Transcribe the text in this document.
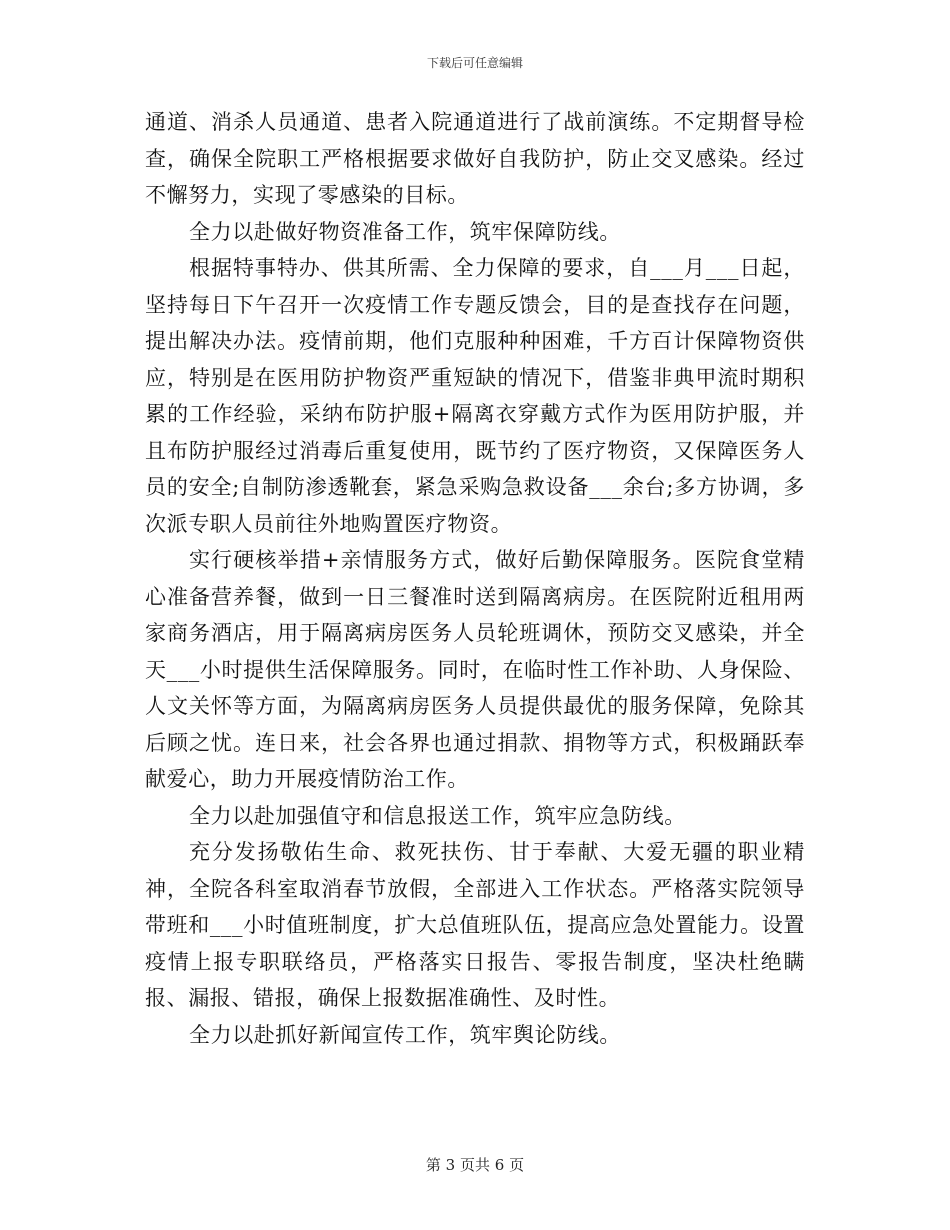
下载后可任意编辑

通道、消杀人员通道、患者入院通道进行了战前演练。不定期督导检查，确保全院职工严格根据要求做好自我防护，防止交叉感染。经过不懈努力，实现了零感染的目标。

全力以赴做好物资准备工作，筑牢保障防线。

根据特事特办、供其所需、全力保障的要求，自___月___日起，坚持每日下午召开一次疫情工作专题反馈会，目的是查找存在问题，提出解决办法。疫情前期，他们克服种种困难，千方百计保障物资供应，特别是在医用防护物资严重短缺的情况下，借鉴非典甲流时期积累的工作经验，采纳布防护服+隔离衣穿戴方式作为医用防护服，并且布防护服经过消毒后重复使用，既节约了医疗物资，又保障医务人员的安全;自制防渗透靴套，紧急采购急救设备___余台;多方协调，多次派专职人员前往外地购置医疗物资。

实行硬核举措+亲情服务方式，做好后勤保障服务。医院食堂精心准备营养餐，做到一日三餐准时送到隔离病房。在医院附近租用两家商务酒店，用于隔离病房医务人员轮班调休，预防交叉感染，并全天___小时提供生活保障服务。同时，在临时性工作补助、人身保险、人文关怀等方面，为隔离病房医务人员提供最优的服务保障，免除其后顾之忧。连日来，社会各界也通过捐款、捐物等方式，积极踊跃奉献爱心，助力开展疫情防治工作。

全力以赴加强值守和信息报送工作，筑牢应急防线。

充分发扬敬佑生命、救死扶伤、甘于奉献、大爱无疆的职业精神，全院各科室取消春节放假，全部进入工作状态。严格落实院领导带班和___小时值班制度，扩大总值班队伍，提高应急处置能力。设置疫情上报专职联络员，严格落实日报告、零报告制度，坚决杜绝瞒报、漏报、错报，确保上报数据准确性、及时性。

全力以赴抓好新闻宣传工作，筑牢舆论防线。

第 3 页共 6 页
